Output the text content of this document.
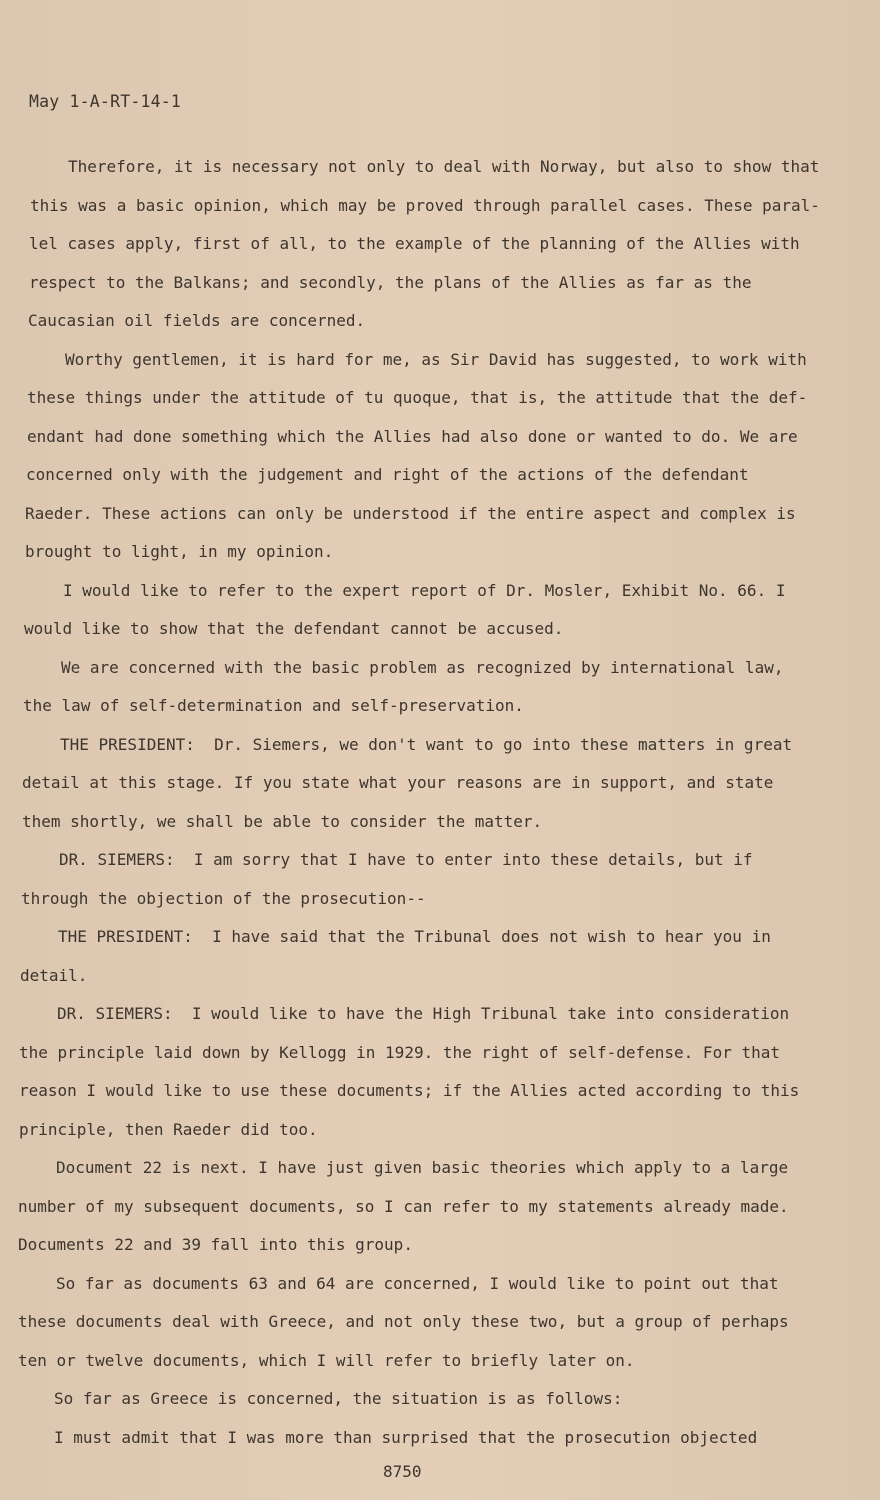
May 1-A-RT-14-1
Therefore, it is necessary not only to deal with Norway, but also to show that
this was a basic opinion, which may be proved through parallel cases. These paral-
lel cases apply, first of all, to the example of the planning of the Allies with
respect to the Balkans; and secondly, the plans of the Allies as far as the
Caucasian oil fields are concerned.
Worthy gentlemen, it is hard for me, as Sir David has suggested, to work with
these things under the attitude of tu quoque, that is, the attitude that the def-
endant had done something which the Allies had also done or wanted to do. We are
concerned only with the judgement and right of the actions of the defendant
Raeder. These actions can only be understood if the entire aspect and complex is
brought to light, in my opinion.
I would like to refer to the expert report of Dr. Mosler, Exhibit No. 66. I
would like to show that the defendant cannot be accused.
We are concerned with the basic problem as recognized by international law,
the law of self-determination and self-preservation.
THE PRESIDENT:  Dr. Siemers, we don't want to go into these matters in great
detail at this stage. If you state what your reasons are in support, and state
them shortly, we shall be able to consider the matter.
DR. SIEMERS:  I am sorry that I have to enter into these details, but if
through the objection of the prosecution--
THE PRESIDENT:  I have said that the Tribunal does not wish to hear you in
detail.
DR. SIEMERS:  I would like to have the High Tribunal take into consideration
the principle laid down by Kellogg in 1929. the right of self-defense. For that
reason I would like to use these documents; if the Allies acted according to this
principle, then Raeder did too.
Document 22 is next. I have just given basic theories which apply to a large
number of my subsequent documents, so I can refer to my statements already made.
Documents 22 and 39 fall into this group.
So far as documents 63 and 64 are concerned, I would like to point out that
these documents deal with Greece, and not only these two, but a group of perhaps
ten or twelve documents, which I will refer to briefly later on.
So far as Greece is concerned, the situation is as follows:
I must admit that I was more than surprised that the prosecution objected
8750
